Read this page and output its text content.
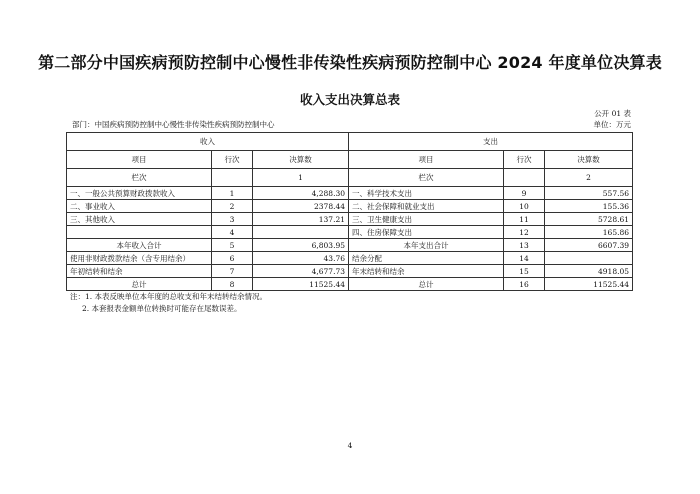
第二部分中国疾病预防控制中心慢性非传染性疾病预防控制中心 2024 年度单位决算表
收入支出决算总表
公开 01 表
部门：中国疾病预防控制中心慢性非传染性疾病预防控制中心	单位：万元
收入			支出		
项目	行次	决算数	项目	行次	决算数
栏次		1	栏次		2
一、一般公共预算财政拨款收入	1	4,288.30	一、科学技术支出	9	557.56
二、事业收入	2	2378.44	二、社会保障和就业支出	10	155.36
三、其他收入	3	137.21	三、卫生健康支出	11	5728.61
	4		四、住房保障支出	12	165.86
本年收入合计	5	6,803.95	本年支出合计	13	6607.39
使用非财政拨款结余（含专用结余）	6	43.76	结余分配	14	
年初结转和结余	7	4,677.73	年末结转和结余	15	4918.05
总计	8	11525.44	总计	16	11525.44
注：1. 本表反映单位本年度的总收支和年末结转结余情况。
2. 本套报表金额单位转换时可能存在尾数误差。
4
